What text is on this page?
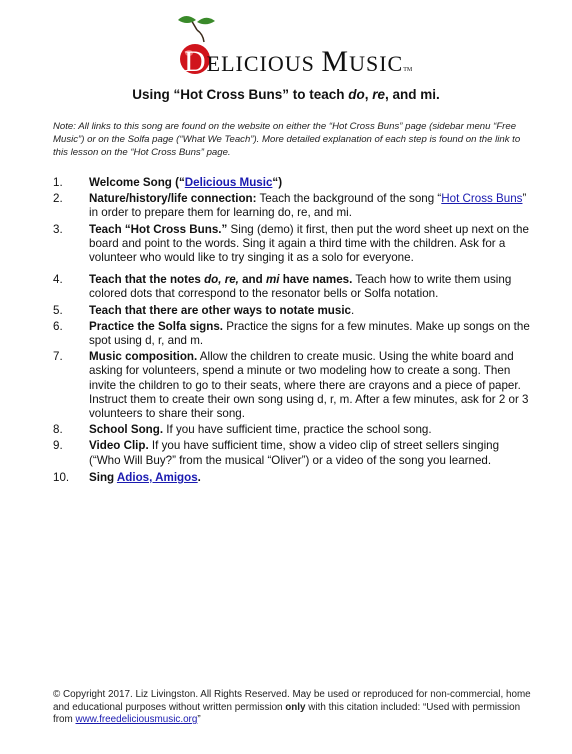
DELICIOUS MUSICTM
Using “Hot Cross Buns” to teach do, re, and mi.
Note: All links to this song are found on the website on either the “Hot Cross Buns” page (sidebar menu “Free Music”) or on the Solfa page (“What We Teach”). More detailed explanation of each step is found on the link to this lesson on the “Hot Cross Buns” page.
1.	Welcome Song (“Delicious Music“)
2.	Nature/history/life connection: Teach the background of the song “Hot Cross Buns” in order to prepare them for learning do, re, and mi.
3.	Teach “Hot Cross Buns.” Sing (demo) it first, then put the word sheet up next on the board and point to the words. Sing it again a third time with the children. Ask for a volunteer who would like to try singing it as a solo for everyone.
4.	Teach that the notes do, re, and mi have names. Teach how to write them using colored dots that correspond to the resonator bells or Solfa notation.
5.	Teach that there are other ways to notate music.
6.	Practice the Solfa signs. Practice the signs for a few minutes. Make up songs on the spot using d, r, and m.
7.	Music composition. Allow the children to create music. Using the white board and asking for volunteers, spend a minute or two modeling how to create a song. Then invite the children to go to their seats, where there are crayons and a piece of paper. Instruct them to create their own song using d, r, m. After a few minutes, ask for 2 or 3 volunteers to share their song.
8.	School Song. If you have sufficient time, practice the school song.
9.	Video Clip. If you have sufficient time, show a video clip of street sellers singing (“Who Will Buy?” from the musical “Oliver”) or a video of the song you learned.
10.	Sing Adios, Amigos.
© Copyright 2017. Liz Livingston. All Rights Reserved. May be used or reproduced for non-commercial, home and educational purposes without written permission only with this citation included: “Used with permission from www.freedeliciousmusic.org”
